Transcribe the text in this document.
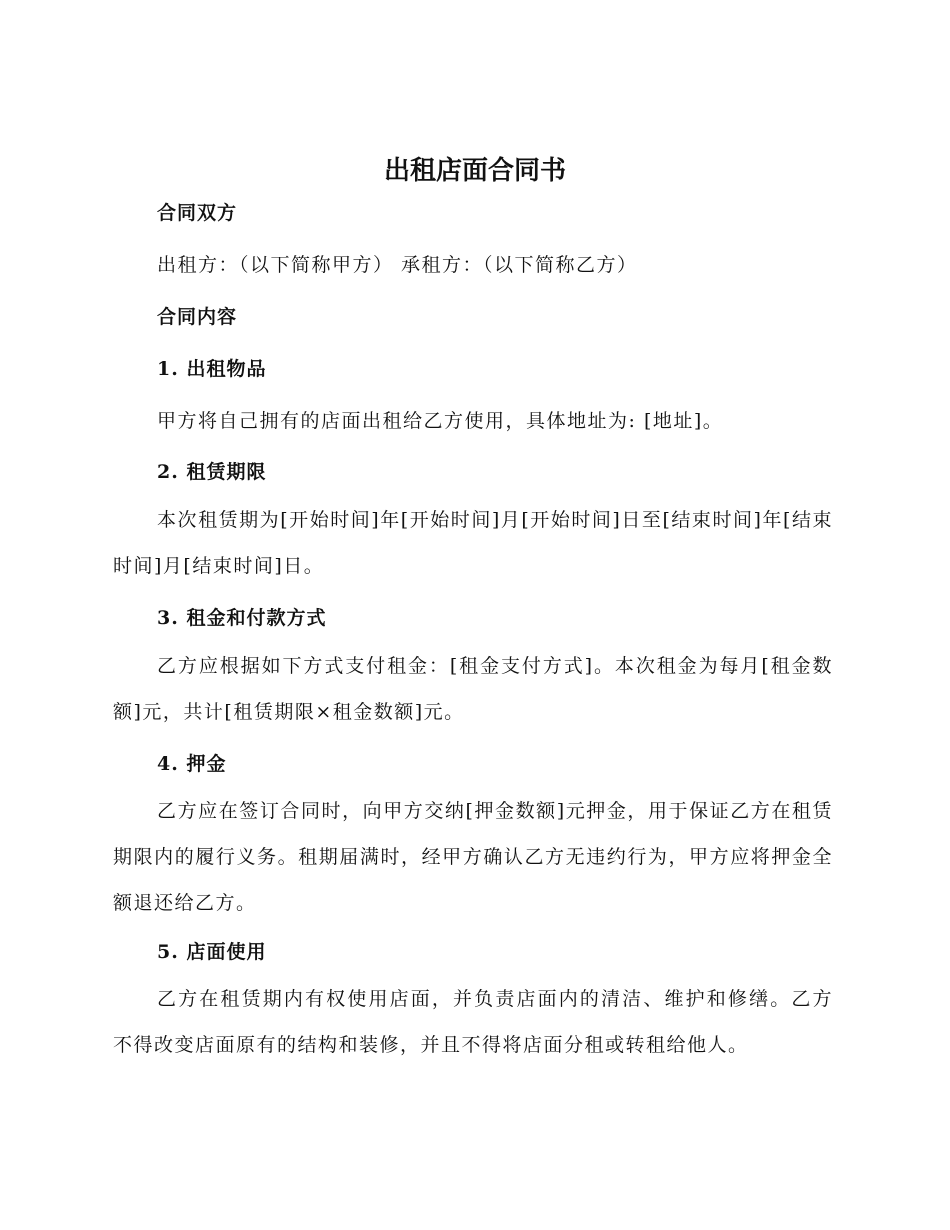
出租店面合同书

合同双方

出租方：（以下简称甲方） 承租方：（以下简称乙方）

合同内容

1. 出租物品

甲方将自己拥有的店面出租给乙方使用，具体地址为: [地址]。

2. 租赁期限

本次租赁期为[开始时间]年[开始时间]月[开始时间]日至[结束时间]年[结束时间]月[结束时间]日。

3. 租金和付款方式

乙方应根据如下方式支付租金：[租金支付方式]。本次租金为每月[租金数额]元，共计[租赁期限×租金数额]元。

4. 押金

乙方应在签订合同时，向甲方交纳[押金数额]元押金，用于保证乙方在租赁期限内的履行义务。租期届满时，经甲方确认乙方无违约行为，甲方应将押金全额退还给乙方。

5. 店面使用

乙方在租赁期内有权使用店面，并负责店面内的清洁、维护和修缮。乙方不得改变店面原有的结构和装修，并且不得将店面分租或转租给他人。
